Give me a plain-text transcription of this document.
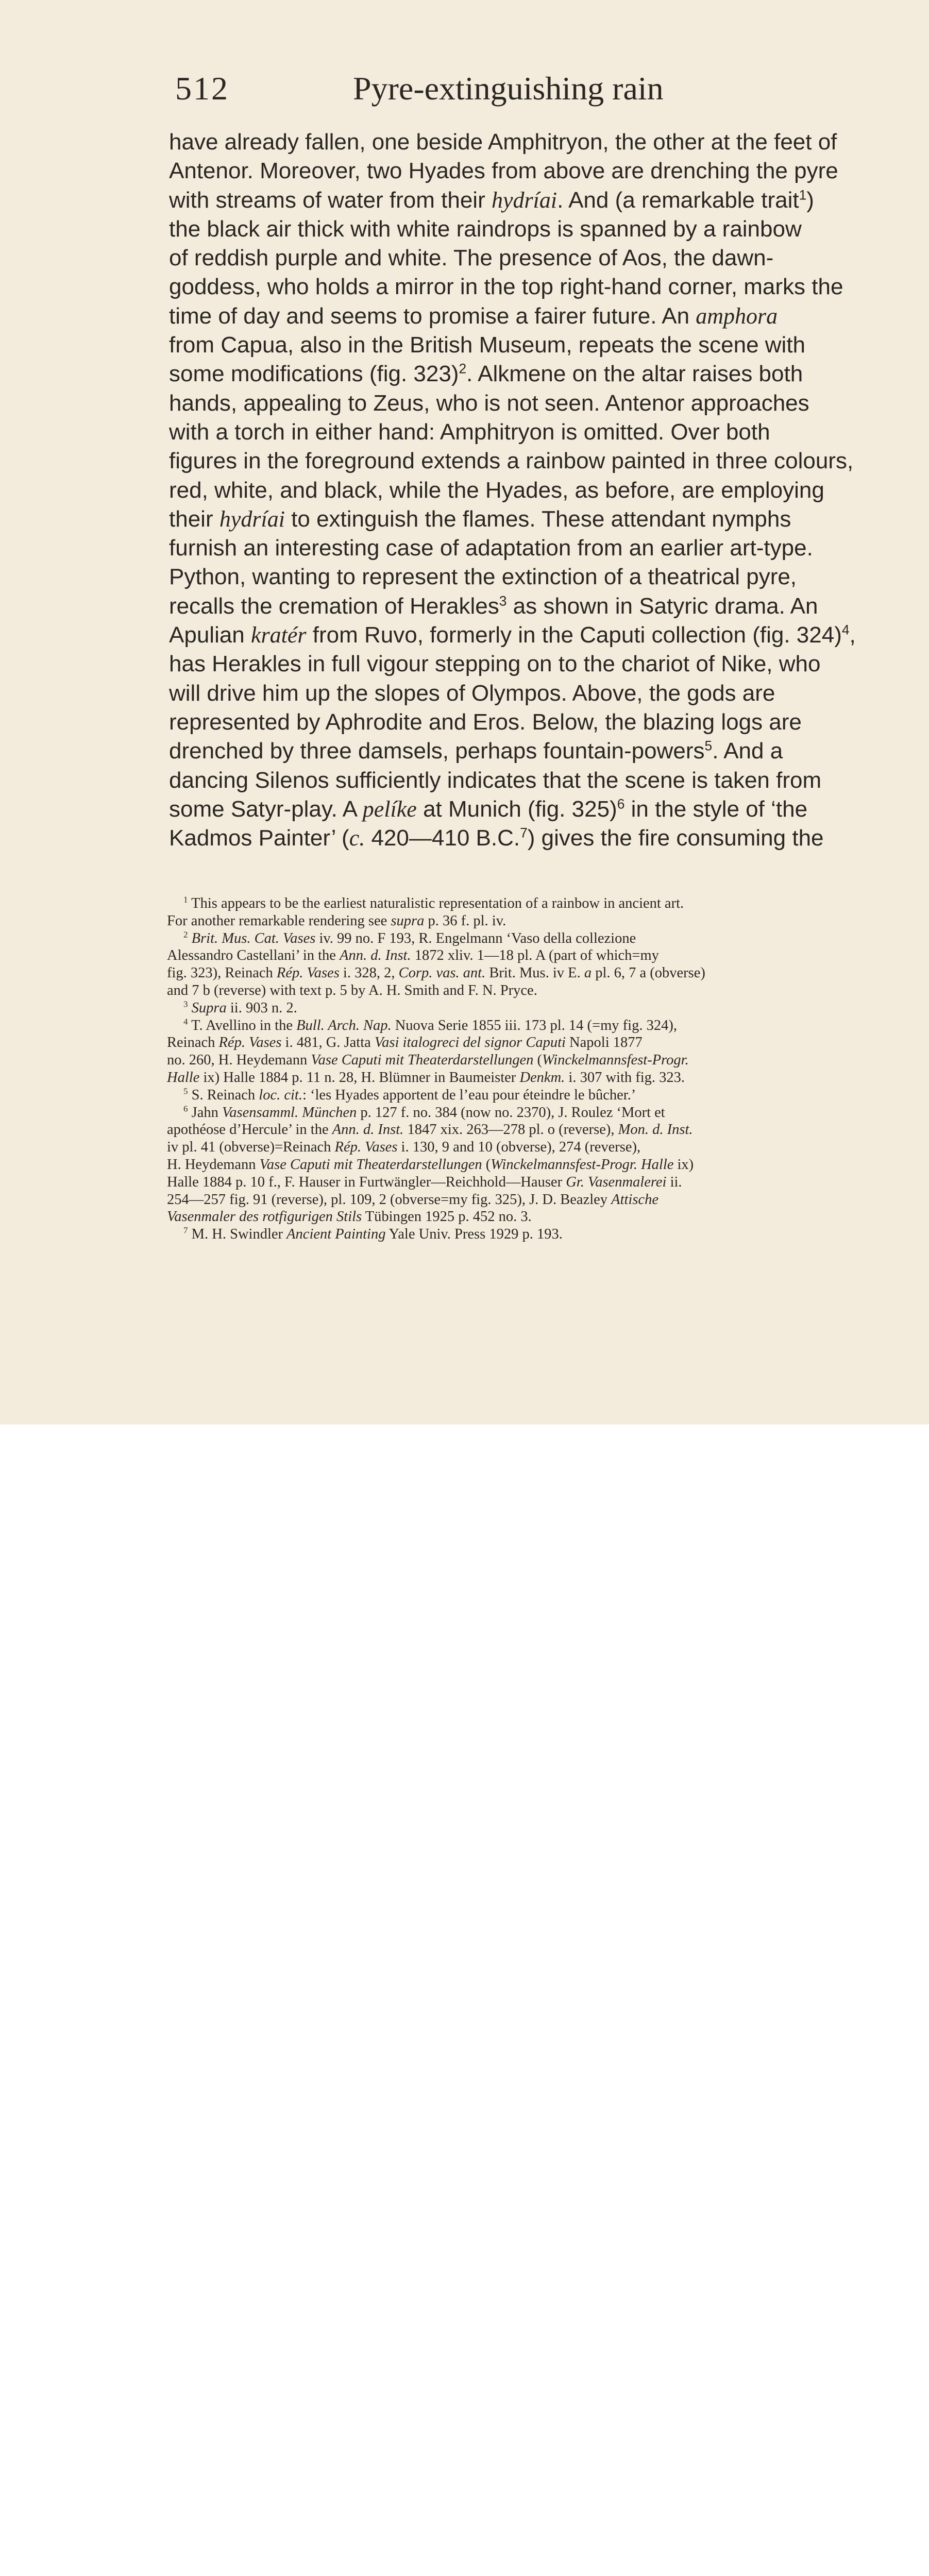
512	Pyre-extinguishing rain
have already fallen, one beside Amphitryon, the other at the feet of
Antenor. Moreover, two Hyades from above are drenching the pyre
with streams of water from their hydríai. And (a remarkable trait$^1$)
the black air thick with white raindrops is spanned by a rainbow
of reddish purple and white. The presence of Aos, the dawn-
goddess, who holds a mirror in the top right-hand corner, marks the
time of day and seems to promise a fairer future. An amphora
from Capua, also in the British Museum, repeats the scene with
some modifications (fig. 323)$^2$. Alkmene on the altar raises both
hands, appealing to Zeus, who is not seen. Antenor approaches
with a torch in either hand: Amphitryon is omitted. Over both
figures in the foreground extends a rainbow painted in three colours,
red, white, and black, while the Hyades, as before, are employing
their hydríai to extinguish the flames. These attendant nymphs
furnish an interesting case of adaptation from an earlier art-type.
Python, wanting to represent the extinction of a theatrical pyre,
recalls the cremation of Herakles$^3$ as shown in Satyric drama. An
Apulian kratér from Ruvo, formerly in the Caputi collection (fig. 324)$^4$,
has Herakles in full vigour stepping on to the chariot of Nike, who
will drive him up the slopes of Olympos. Above, the gods are
represented by Aphrodite and Eros. Below, the blazing logs are
drenched by three damsels, perhaps fountain-powers$^5$. And a
dancing Silenos sufficiently indicates that the scene is taken from
some Satyr-play. A pelíke at Munich (fig. 325)$^6$ in the style of ‘the
Kadmos Painter’ (c. 420—410 B.C.$^7$) gives the fire consuming the
$^1$ This appears to be the earliest naturalistic representation of a rainbow in ancient art.
For another remarkable rendering see supra p. 36 f. pl. iv.
$^2$ Brit. Mus. Cat. Vases iv. 99 no. F 193, R. Engelmann ‘Vaso della collezione
Alessandro Castellani’ in the Ann. d. Inst. 1872 xliv. 1—18 pl. A (part of which=my
fig. 323), Reinach Rép. Vases i. 328, 2, Corp. vas. ant. Brit. Mus. iv E. a pl. 6, 7 a (obverse)
and 7 b (reverse) with text p. 5 by A. H. Smith and F. N. Pryce.
$^3$ Supra ii. 903 n. 2.
$^4$ T. Avellino in the Bull. Arch. Nap. Nuova Serie 1855 iii. 173 pl. 14 (=my fig. 324),
Reinach Rép. Vases i. 481, G. Jatta Vasi italogreci del signor Caputi Napoli 1877
no. 260, H. Heydemann Vase Caputi mit Theaterdarstellungen (Winckelmannsfest-Progr.
Halle ix) Halle 1884 p. 11 n. 28, H. Blümner in Baumeister Denkm. i. 307 with fig. 323.
$^5$ S. Reinach loc. cit.: ‘les Hyades apportent de l’eau pour éteindre le bûcher.’
$^6$ Jahn Vasensamml. München p. 127 f. no. 384 (now no. 2370), J. Roulez ‘Mort et
apothéose d’Hercule’ in the Ann. d. Inst. 1847 xix. 263—278 pl. o (reverse), Mon. d. Inst.
iv pl. 41 (obverse)=Reinach Rép. Vases i. 130, 9 and 10 (obverse), 274 (reverse),
H. Heydemann Vase Caputi mit Theaterdarstellungen (Winckelmannsfest-Progr. Halle ix)
Halle 1884 p. 10 f., F. Hauser in Furtwängler—Reichhold—Hauser Gr. Vasenmalerei ii.
254—257 fig. 91 (reverse), pl. 109, 2 (obverse=my fig. 325), J. D. Beazley Attische
Vasenmaler des rotfigurigen Stils Tübingen 1925 p. 452 no. 3.
$^7$ M. H. Swindler Ancient Painting Yale Univ. Press 1929 p. 193.
